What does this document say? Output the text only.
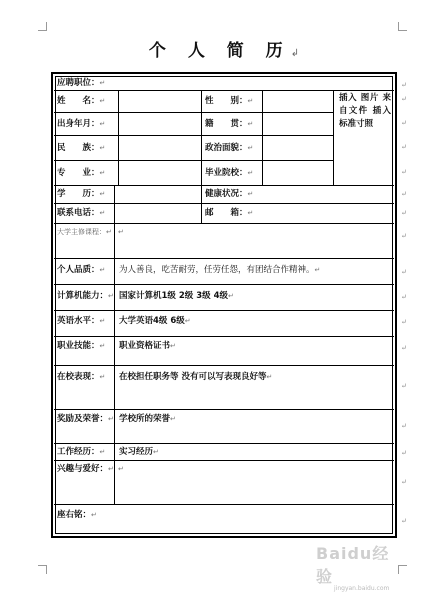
个 人 简 历↲
应聘职位：↵
姓　　名：↵	性　　别：↵
出身年月：↵	籍　　贯：↵
民　　族：↵	政治面貌：↵
专　　业：↵	毕业院校：↵
插入 图片 来自文件 插入标准寸照
学　　历：↵	健康状况：↵
联系电话：↵	邮　　箱：↵
大学主修课程：↵ ↵
个人品质：↵ 为人善良，吃苦耐劳，任劳任怨，有团结合作精神。↵
计算机能力：↵ 国家计算机1级 2级 3级 4级↵
英语水平：↵ 大学英语4级 6级↵
职业技能：↵ 职业资格证书↵
在校表现：↵ 在校担任职务等 没有可以写表现良好等↵
奖励及荣誉：↵ 学校所的荣誉↵
工作经历：↵ 实习经历↵
兴趣与爱好：↵ ↵
座右铭：↵
↵
↵
↵
↵
↵
↵
↵
↵
↵
↵
↵
↵
↵
↵
↵
↵
↵
Baidu经验
jingyan.baidu.com
